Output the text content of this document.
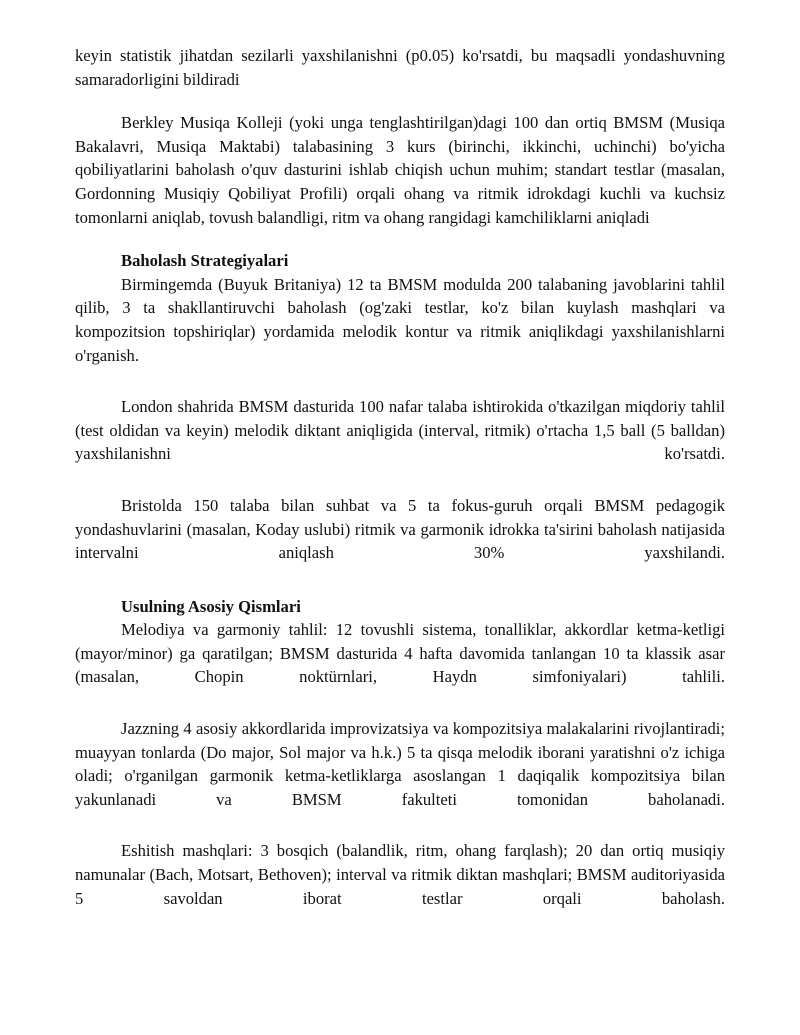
keyin statistik jihatdan sezilarli yaxshilanishni (p0.05) ko'rsatdi, bu maqsadli yondashuvning samaradorligini bildiradi

Berkley Musiqa Kolleji (yoki unga tenglashtirilgan)dagi 100 dan ortiq BMSM (Musiqa Bakalavri, Musiqa Maktabi) talabasining 3 kurs (birinchi, ikkinchi, uchinchi) bo'yicha qobiliyatlarini baholash o'quv dasturini ishlab chiqish uchun muhim; standart testlar (masalan, Gordonning Musiqiy Qobiliyat Profili) orqali ohang va ritmik idrokdagi kuchli va kuchsiz tomonlarni aniqlab, tovush balandligi, ritm va ohang rangidagi kamchiliklarni aniqladi

Baholash Strategiyalari

Birmingemda (Buyuk Britaniya) 12 ta BMSM modulda 200 talabaning javoblarini tahlil qilib, 3 ta shakllantiruvchi baholash (og'zaki testlar, ko'z bilan kuylash mashqlari va kompozitsion topshiriqlar) yordamida melodik kontur va ritmik aniqlikdagi yaxshilanishlarni o'rganish.

London shahrida BMSM dasturida 100 nafar talaba ishtirokida o'tkazilgan miqdoriy tahlil (test oldidan va keyin) melodik diktant aniqligida (interval, ritmik) o'rtacha 1,5 ball (5 balldan) yaxshilanishni ko'rsatdi.

Bristolda 150 talaba bilan suhbat va 5 ta fokus-guruh orqali BMSM pedagogik yondashuvlarini (masalan, Koday uslubi) ritmik va garmonik idrokka ta'sirini baholash natijasida intervalni aniqlash 30% yaxshilandi.

Usulning Asosiy Qismlari

Melodiya va garmoniy tahlil: 12 tovushli sistema, tonalliklar, akkordlar ketma-ketligi (mayor/minor) ga qaratilgan; BMSM dasturida 4 hafta davomida tanlangan 10 ta klassik asar (masalan, Chopin noktürnlari, Haydn simfoniyalari) tahlili.

Jazzning 4 asosiy akkordlarida improvizatsiya va kompozitsiya malakalarini rivojlantiradi; muayyan tonlarda (Do major, Sol major va h.k.) 5 ta qisqa melodik iborani yaratishni o'z ichiga oladi; o'rganilgan garmonik ketma-ketliklarga asoslangan 1 daqiqalik kompozitsiya bilan yakunlanadi va BMSM fakulteti tomonidan baholanadi.

Eshitish mashqlari: 3 bosqich (balandlik, ritm, ohang farqlash); 20 dan ortiq musiqiy namunalar (Bach, Motsart, Bethoven); interval va ritmik diktan mashqlari; BMSM auditoriyasida 5 savoldan iborat testlar orqali baholash.
